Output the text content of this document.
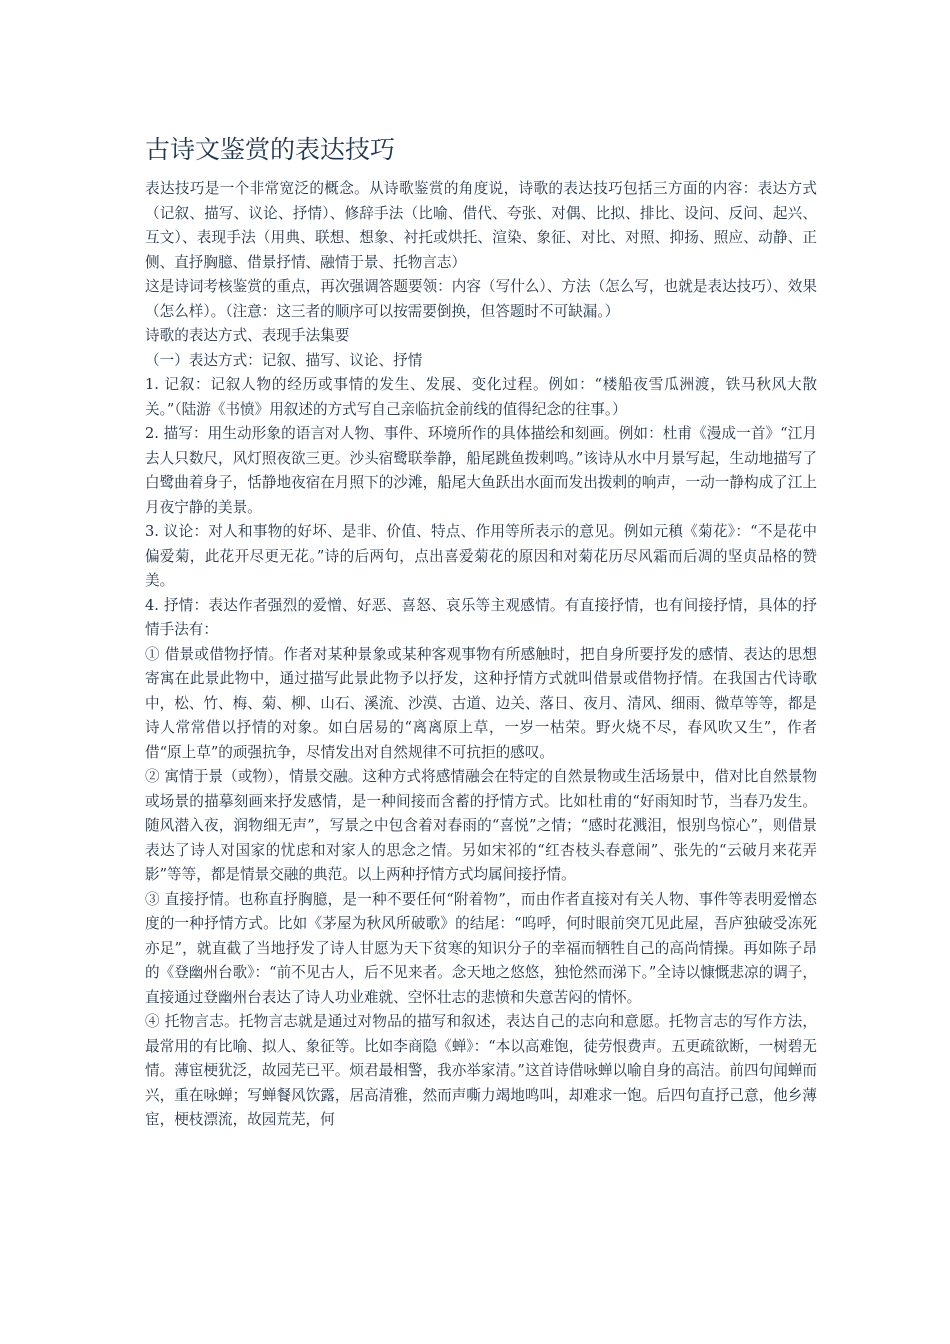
古诗文鉴赏的表达技巧

表达技巧是一个非常宽泛的概念。从诗歌鉴赏的角度说，诗歌的表达技巧包括三方面的内容：表达方式（记叙、描写、议论、抒情）、修辞手法（比喻、借代、夸张、对偶、比拟、排比、设问、反问、起兴、互文）、表现手法（用典、联想、想象、衬托或烘托、渲染、象征、对比、对照、抑扬、照应、动静、正侧、直抒胸臆、借景抒情、融情于景、托物言志）

这是诗词考核鉴赏的重点，再次强调答题要领：内容（写什么）、方法（怎么写，也就是表达技巧）、效果（怎么样）。（注意：这三者的顺序可以按需要倒换，但答题时不可缺漏。）

诗歌的表达方式、表现手法集要

（一）表达方式：记叙、描写、议论、抒情

1. 记叙：记叙人物的经历或事情的发生、发展、变化过程。例如：“楼船夜雪瓜洲渡，铁马秋风大散关。”（陆游《书愤》用叙述的方式写自己亲临抗金前线的值得纪念的往事。）

2. 描写：用生动形象的语言对人物、事件、环境所作的具体描绘和刻画。例如：杜甫《漫成一首》“江月去人只数尺，风灯照夜欲三更。沙头宿鹭联拳静，船尾跳鱼拨剌鸣。”该诗从水中月景写起，生动地描写了白鹭曲着身子，恬静地夜宿在月照下的沙滩，船尾大鱼跃出水面而发出拨剌的响声，一动一静构成了江上月夜宁静的美景。

3. 议论：对人和事物的好坏、是非、价值、特点、作用等所表示的意见。例如元稹《菊花》：“不是花中偏爱菊，此花开尽更无花。”诗的后两句，点出喜爱菊花的原因和对菊花历尽风霜而后凋的坚贞品格的赞美。

4. 抒情：表达作者强烈的爱憎、好恶、喜怒、哀乐等主观感情。有直接抒情，也有间接抒情，具体的抒情手法有：

① 借景或借物抒情。作者对某种景象或某种客观事物有所感触时，把自身所要抒发的感情、表达的思想寄寓在此景此物中，通过描写此景此物予以抒发，这种抒情方式就叫借景或借物抒情。在我国古代诗歌中，松、竹、梅、菊、柳、山石、溪流、沙漠、古道、边关、落日、夜月、清风、细雨、微草等等，都是诗人常常借以抒情的对象。如白居易的“离离原上草，一岁一枯荣。野火烧不尽，春风吹又生”，作者借“原上草”的顽强抗争，尽情发出对自然规律不可抗拒的感叹。

② 寓情于景（或物），情景交融。这种方式将感情融会在特定的自然景物或生活场景中，借对比自然景物或场景的描摹刻画来抒发感情，是一种间接而含蓄的抒情方式。比如杜甫的“好雨知时节，当春乃发生。随风潜入夜，润物细无声”，写景之中包含着对春雨的“喜悦”之情；“感时花溅泪，恨别鸟惊心”，则借景表达了诗人对国家的忧虑和对家人的思念之情。另如宋祁的“红杏枝头春意闹”、张先的“云破月来花弄影”等等，都是情景交融的典范。以上两种抒情方式均属间接抒情。

③ 直接抒情。也称直抒胸臆，是一种不要任何“附着物”，而由作者直接对有关人物、事件等表明爱憎态度的一种抒情方式。比如《茅屋为秋风所破歌》的结尾：“呜呼，何时眼前突兀见此屋，吾庐独破受冻死亦足”，就直截了当地抒发了诗人甘愿为天下贫寒的知识分子的幸福而牺牲自己的高尚情操。再如陈子昂的《登幽州台歌》：“前不见古人，后不见来者。念天地之悠悠，独怆然而涕下。”全诗以慷慨悲凉的调子，直接通过登幽州台表达了诗人功业难就、空怀壮志的悲愤和失意苦闷的情怀。

④ 托物言志。托物言志就是通过对物品的描写和叙述，表达自己的志向和意愿。托物言志的写作方法，最常用的有比喻、拟人、象征等。比如李商隐《蝉》：“本以高难饱，徒劳恨费声。五更疏欲断，一树碧无情。薄宦梗犹泛，故园芜已平。烦君最相警，我亦举家清。”这首诗借咏蝉以喻自身的高洁。前四句闻蝉而兴，重在咏蝉；写蝉餐风饮露，居高清雅，然而声嘶力竭地鸣叫，却难求一饱。后四句直抒己意，他乡薄宦，梗枝漂流，故园荒芜，何
